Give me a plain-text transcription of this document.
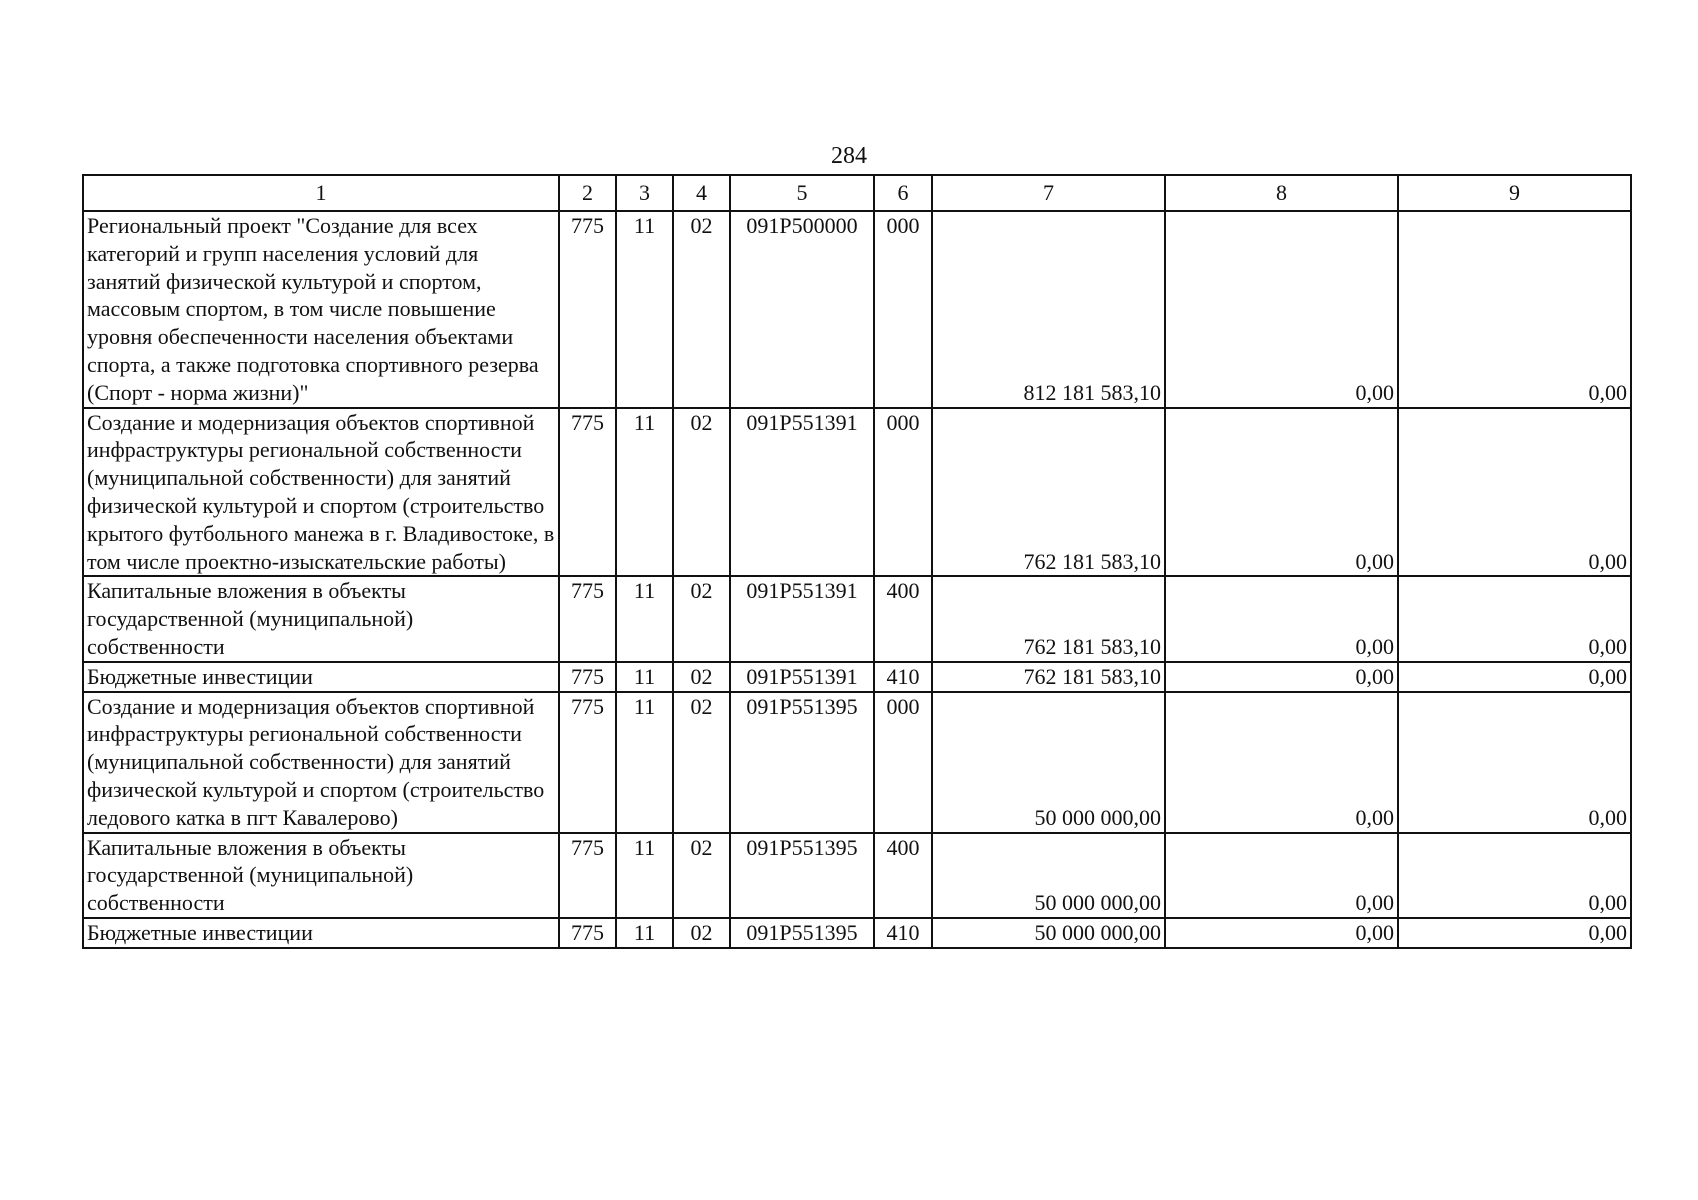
284
1	2	3	4	5	6	7	8	9
Региональный проект "Создание для всех категорий и групп населения условий для занятий физической культурой и спортом, массовым спортом, в том числе повышение уровня обеспеченности населения объектами спорта, а также подготовка спортивного резерва (Спорт - норма жизни)"	775	11	02	091P500000	000	812 181 583,10	0,00	0,00

Создание и модернизация объектов спортивной инфраструктуры региональной собственности (муниципальной собственности) для занятий физической культурой и спортом (строительство крытого футбольного манежа в г. Владивостоке, в том числе проектно-изыскательские работы)	775	11	02	091P551391	000	762 181 583,10	0,00	0,00

Капитальные вложения в объекты государственной (муниципальной) собственности	775	11	02	091P551391	400	762 181 583,10	0,00	0,00

Бюджетные инвестиции	775	11	02	091P551391	410	762 181 583,10	0,00	0,00

Создание и модернизация объектов спортивной инфраструктуры региональной собственности (муниципальной собственности) для занятий физической культурой и спортом (строительство ледового катка в пгт Кавалерово)	775	11	02	091P551395	000	50 000 000,00	0,00	0,00

Капитальные вложения в объекты государственной (муниципальной) собственности	775	11	02	091P551395	400	50 000 000,00	0,00	0,00

Бюджетные инвестиции	775	11	02	091P551395	410	50 000 000,00	0,00	0,00
